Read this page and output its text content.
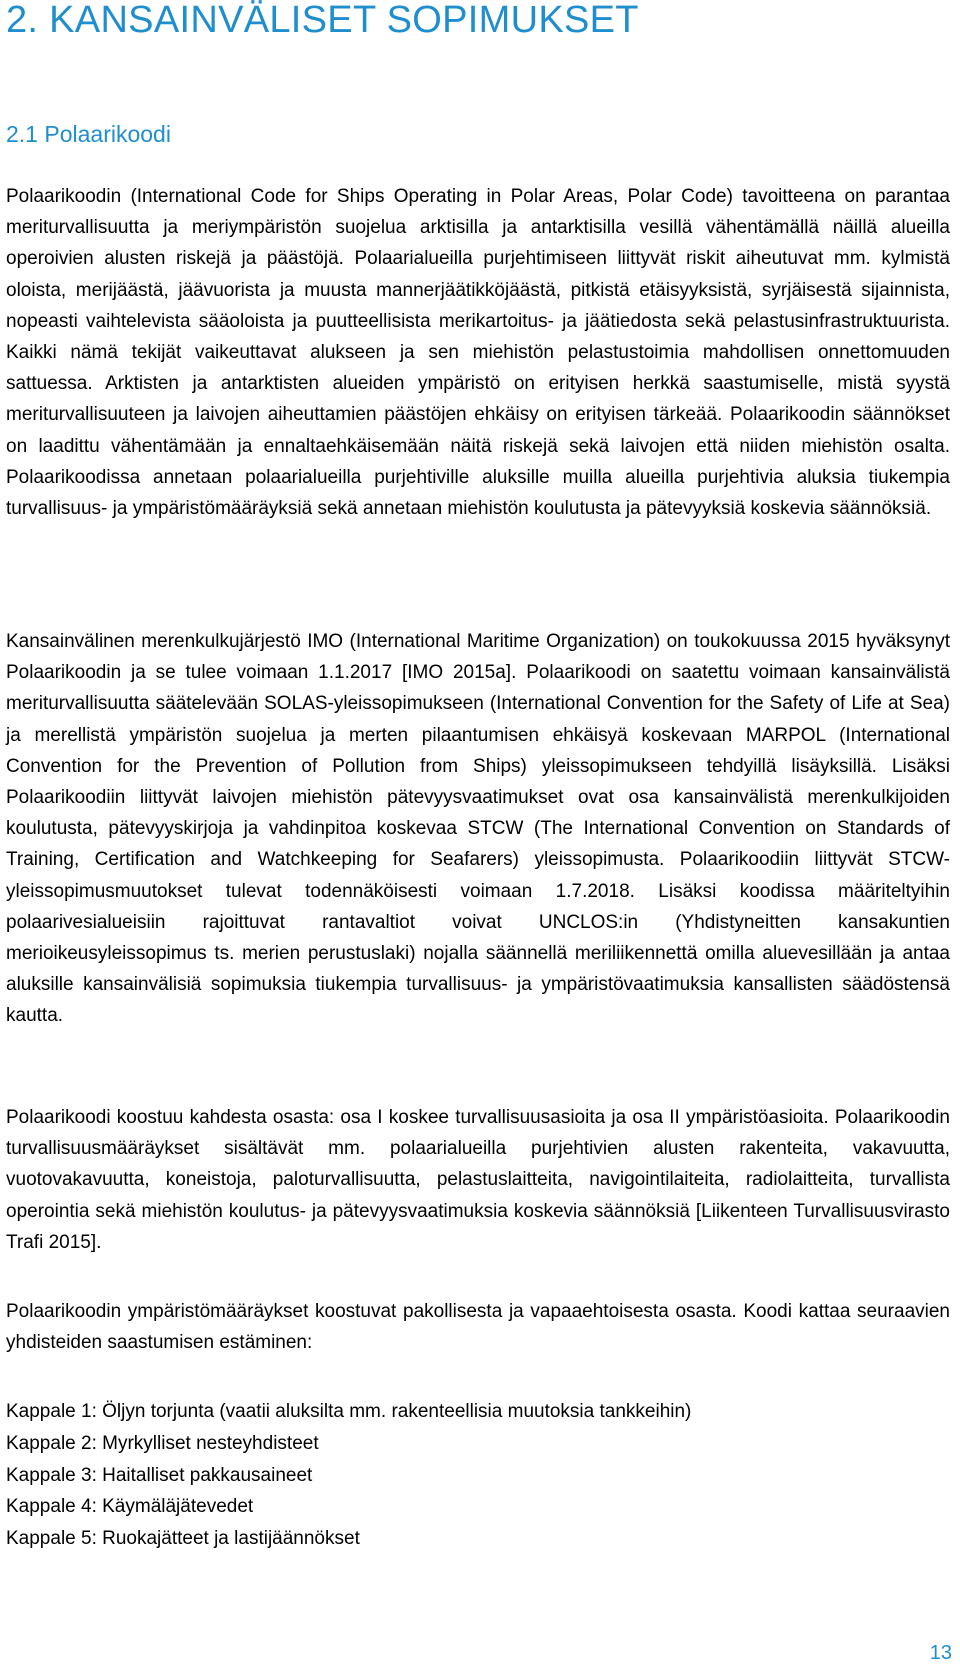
2. KANSAINVÄLISET SOPIMUKSET
2.1 Polaarikoodi

Polaarikoodin (International Code for Ships Operating in Polar Areas, Polar Code) tavoitteena on parantaa meriturvallisuutta ja meriympäristön suojelua arktisilla ja antarktisilla vesillä vähentämällä näillä alueilla operoivien alusten riskejä ja päästöjä. Polaarialueilla purjehtimiseen liittyvät riskit aiheutuvat mm. kylmistä oloista, merijäästä, jäävuorista ja muusta mannerjäätikköjäästä, pitkistä etäisyyksistä, syrjäisestä sijainnista, nopeasti vaihtelevista sääoloista ja puutteellisista merikartoitus- ja jäätiedosta sekä pelastusinfrastruktuurista. Kaikki nämä tekijät vaikeuttavat alukseen ja sen miehistön pelastustoimia mahdollisen onnettomuuden sattuessa. Arktisten ja antarktisten alueiden ympäristö on erityisen herkkä saastumiselle, mistä syystä meriturvallisuuteen ja laivojen aiheuttamien päästöjen ehkäisy on erityisen tärkeää. Polaarikoodin säännökset on laadittu vähentämään ja ennaltaehkäisemään näitä riskejä sekä laivojen että niiden miehistön osalta. Polaarikoodissa annetaan polaarialueilla purjehtiville aluksille muilla alueilla purjehtivia aluksia tiukempia turvallisuus- ja ympäristömääräyksiä sekä annetaan miehistön koulutusta ja pätevyyksiä koskevia säännöksiä.

Kansainvälinen merenkulkujärjestö IMO (International Maritime Organization) on toukokuussa 2015 hyväksynyt Polaarikoodin ja se tulee voimaan 1.1.2017 [IMO 2015a]. Polaarikoodi on saatettu voimaan kansainvälistä meriturvallisuutta säätelevään SOLAS-yleissopimukseen (International Convention for the Safety of Life at Sea) ja merellistä ympäristön suojelua ja merten pilaantumisen ehkäisyä koskevaan MARPOL (International Convention for the Prevention of Pollution from Ships) yleissopimukseen tehdyillä lisäyksillä. Lisäksi Polaarikoodiin liittyvät laivojen miehistön pätevyysvaatimukset ovat osa kansainvälistä merenkulkijoiden koulutusta, pätevyyskirjoja ja vahdinpitoa koskevaa STCW (The International Convention on Standards of Training, Certification and Watchkeeping for Seafarers) yleissopimusta. Polaarikoodiin liittyvät STCW-yleissopimusmuutokset tulevat todennäköisesti voimaan 1.7.2018. Lisäksi koodissa määriteltyihin polaarivesialueisiin rajoittuvat rantavaltiot voivat UNCLOS:in (Yhdistyneitten kansakuntien merioikeusyleissopimus ts. merien perustuslaki) nojalla säännellä meriliikennettä omilla aluevesillään ja antaa aluksille kansainvälisiä sopimuksia tiukempia turvallisuus- ja ympäristövaatimuksia kansallisten säädöstensä kautta.

Polaarikoodi koostuu kahdesta osasta: osa I koskee turvallisuusasioita ja osa II ympäristöasioita. Polaarikoodin turvallisuusmääräykset sisältävät mm. polaarialueilla purjehtivien alusten rakenteita, vakavuutta, vuotovakavuutta, koneistoja, paloturvallisuutta, pelastuslaitteita, navigointilaiteita, radiolaitteita, turvallista operointia sekä miehistön koulutus- ja pätevyysvaatimuksia koskevia säännöksiä [Liikenteen Turvallisuusvirasto Trafi 2015].

Polaarikoodin ympäristömääräykset koostuvat pakollisesta ja vapaaehtoisesta osasta. Koodi kattaa seuraavien yhdisteiden saastumisen estäminen:

Kappale 1: Öljyn torjunta (vaatii aluksilta mm. rakenteellisia muutoksia tankkeihin)
Kappale 2: Myrkylliset nesteyhdisteet
Kappale 3: Haitalliset pakkausaineet
Kappale 4: Käymäläjätevedet
Kappale 5: Ruokajätteet ja lastijäännökset
13
